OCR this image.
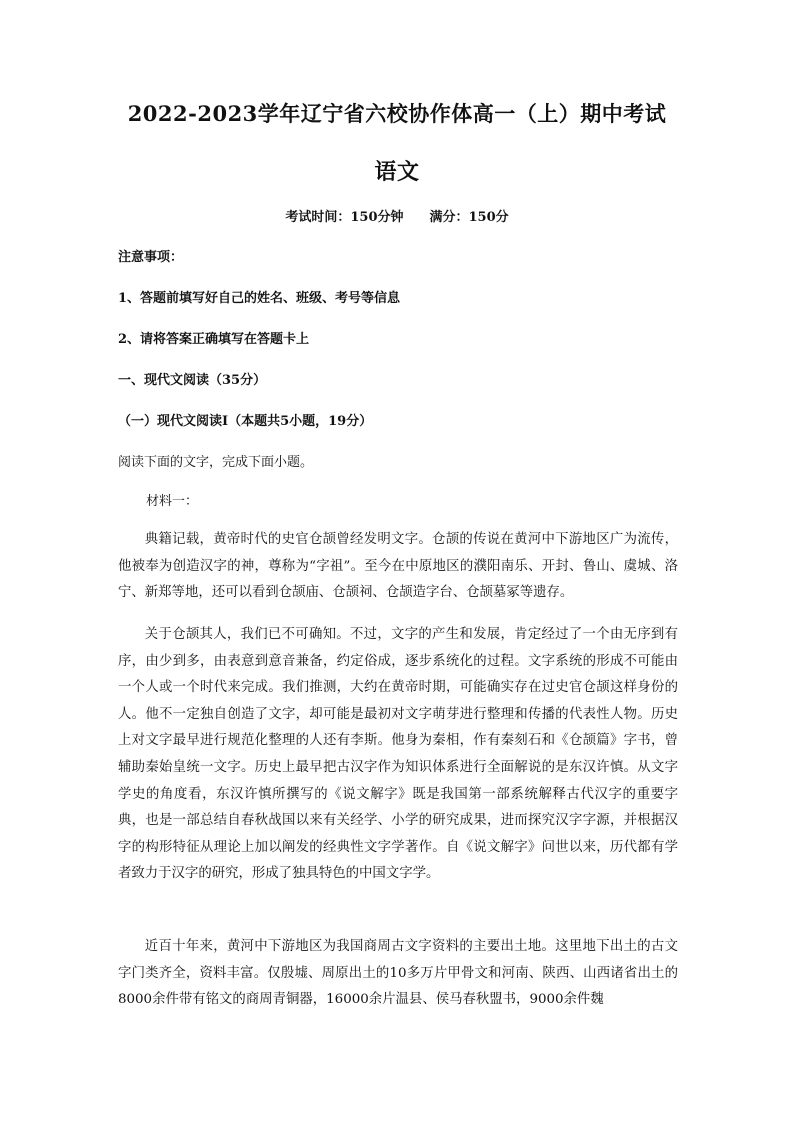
2022-2023学年辽宁省六校协作体高一（上）期中考试
语文
考试时间：150分钟 满分：150分
注意事项：
1、答题前填写好自己的姓名、班级、考号等信息
2、请将答案正确填写在答题卡上
一、现代文阅读（35分）
（一）现代文阅读Ⅰ（本题共5小题，19分）
阅读下面的文字，完成下面小题。
材料一：

典籍记载，黄帝时代的史官仓颉曾经发明文字。仓颉的传说在黄河中下游地区广为流传，他被奉为创造汉字的神，尊称为“字祖”。至今在中原地区的濮阳南乐、开封、鲁山、虞城、洛宁、新郑等地，还可以看到仓颉庙、仓颉祠、仓颉造字台、仓颉墓冢等遗存。

关于仓颉其人，我们已不可确知。不过，文字的产生和发展，肯定经过了一个由无序到有序，由少到多，由表意到意音兼备，约定俗成，逐步系统化的过程。文字系统的形成不可能由一个人或一个时代来完成。我们推测，大约在黄帝时期，可能确实存在过史官仓颉这样身份的人。他不一定独自创造了文字，却可能是最初对文字萌芽进行整理和传播的代表性人物。历史上对文字最早进行规范化整理的人还有李斯。他身为秦相，作有秦刻石和《仓颉篇》字书，曾辅助秦始皇统一文字。历史上最早把古汉字作为知识体系进行全面解说的是东汉许慎。从文字学史的角度看，东汉许慎所撰写的《说文解字》既是我国第一部系统解释古代汉字的重要字典，也是一部总结自春秋战国以来有关经学、小学的研究成果，进而探究汉字字源，并根据汉字的构形特征从理论上加以阐发的经典性文字学著作。自《说文解字》问世以来，历代都有学者致力于汉字的研究，形成了独具特色的中国文字学。

近百十年来，黄河中下游地区为我国商周古文字资料的主要出土地。这里地下出土的古文字门类齐全，资料丰富。仅殷墟、周原出土的10多万片甲骨文和河南、陕西、山西诸省出土的8000余件带有铭文的商周青铜器，16000余片温县、侯马春秋盟书，9000余件魏
